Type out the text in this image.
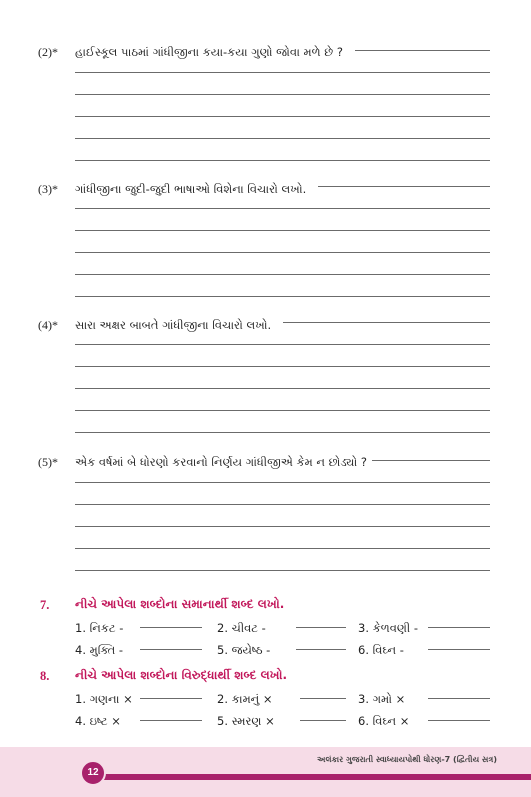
(2)* હાઈસ્કૂલ પાઠમાં ગાંધીજીના કયા-કયા ગુણો જોવા મળે છે ?
(3)* ગાંધીજીના જુદી-જુદી ભાષાઓ વિશેના વિચારો લખો.
(4)* સારા અક્ષર બાબતે ગાંધીજીના વિચારો લખો.
(5)* એક વર્ષમાં બે ધોરણો કરવાનો નિર્ણય ગાંધીજીએ કેમ ન છોડ્યો ?
7. નીચે આપેલા શબ્દોના સમાનાર્થી શબ્દ લખો.
1. નિકટ -	2. ચીવટ -	3. કેળવણી -
4. મુક્તિ -	5. જયેષ્ઠ -	6. વિઘ્ન -
8. નીચે આપેલા શબ્દોના વિરુદ્ધાર્થી શબ્દ લખો.
1. ગણના ×	2. કામનું ×	3. ગમો ×
4. ઇષ્ટ ×	5. સ્મરણ ×	6. વિઘ્ન ×
અલંકાર ગુજરાતી સ્વાધ્યાયપોથી ધોરણ-7 (દ્વિતીય સત્ર)
12
